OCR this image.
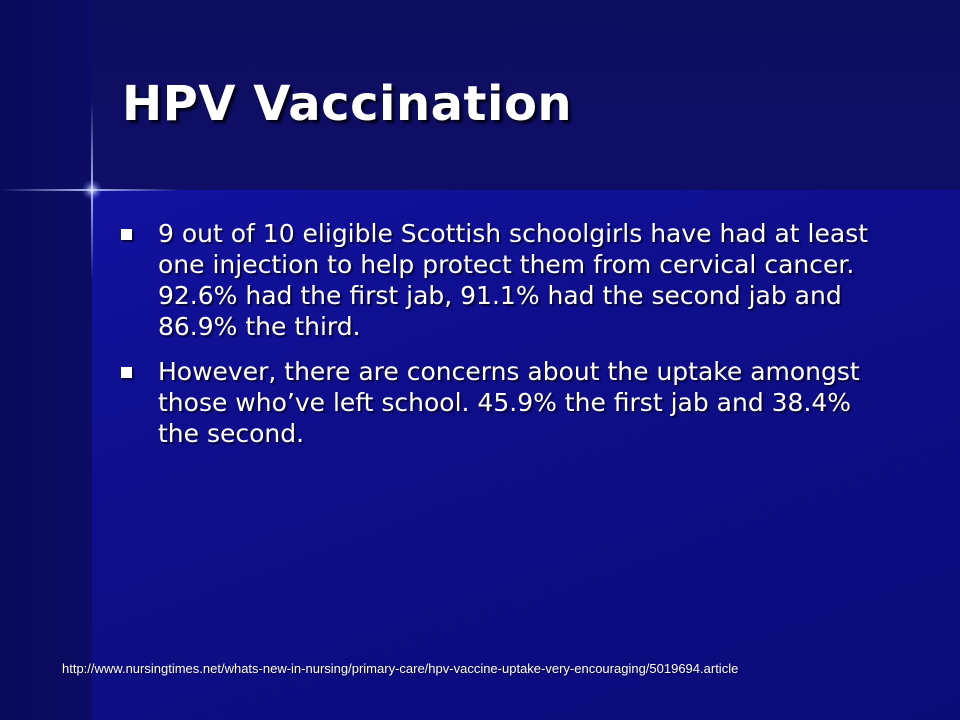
HPV Vaccination
9 out of 10 eligible Scottish schoolgirls have had at least one injection to help protect them from cervical cancer. 92.6% had the first jab, 91.1% had the second jab and 86.9% the third.
However, there are concerns about the uptake amongst those who’ve left school. 45.9% the first jab and 38.4% the second.
http://www.nursingtimes.net/whats-new-in-nursing/primary-care/hpv-vaccine-uptake-very-encouraging/5019694.article
